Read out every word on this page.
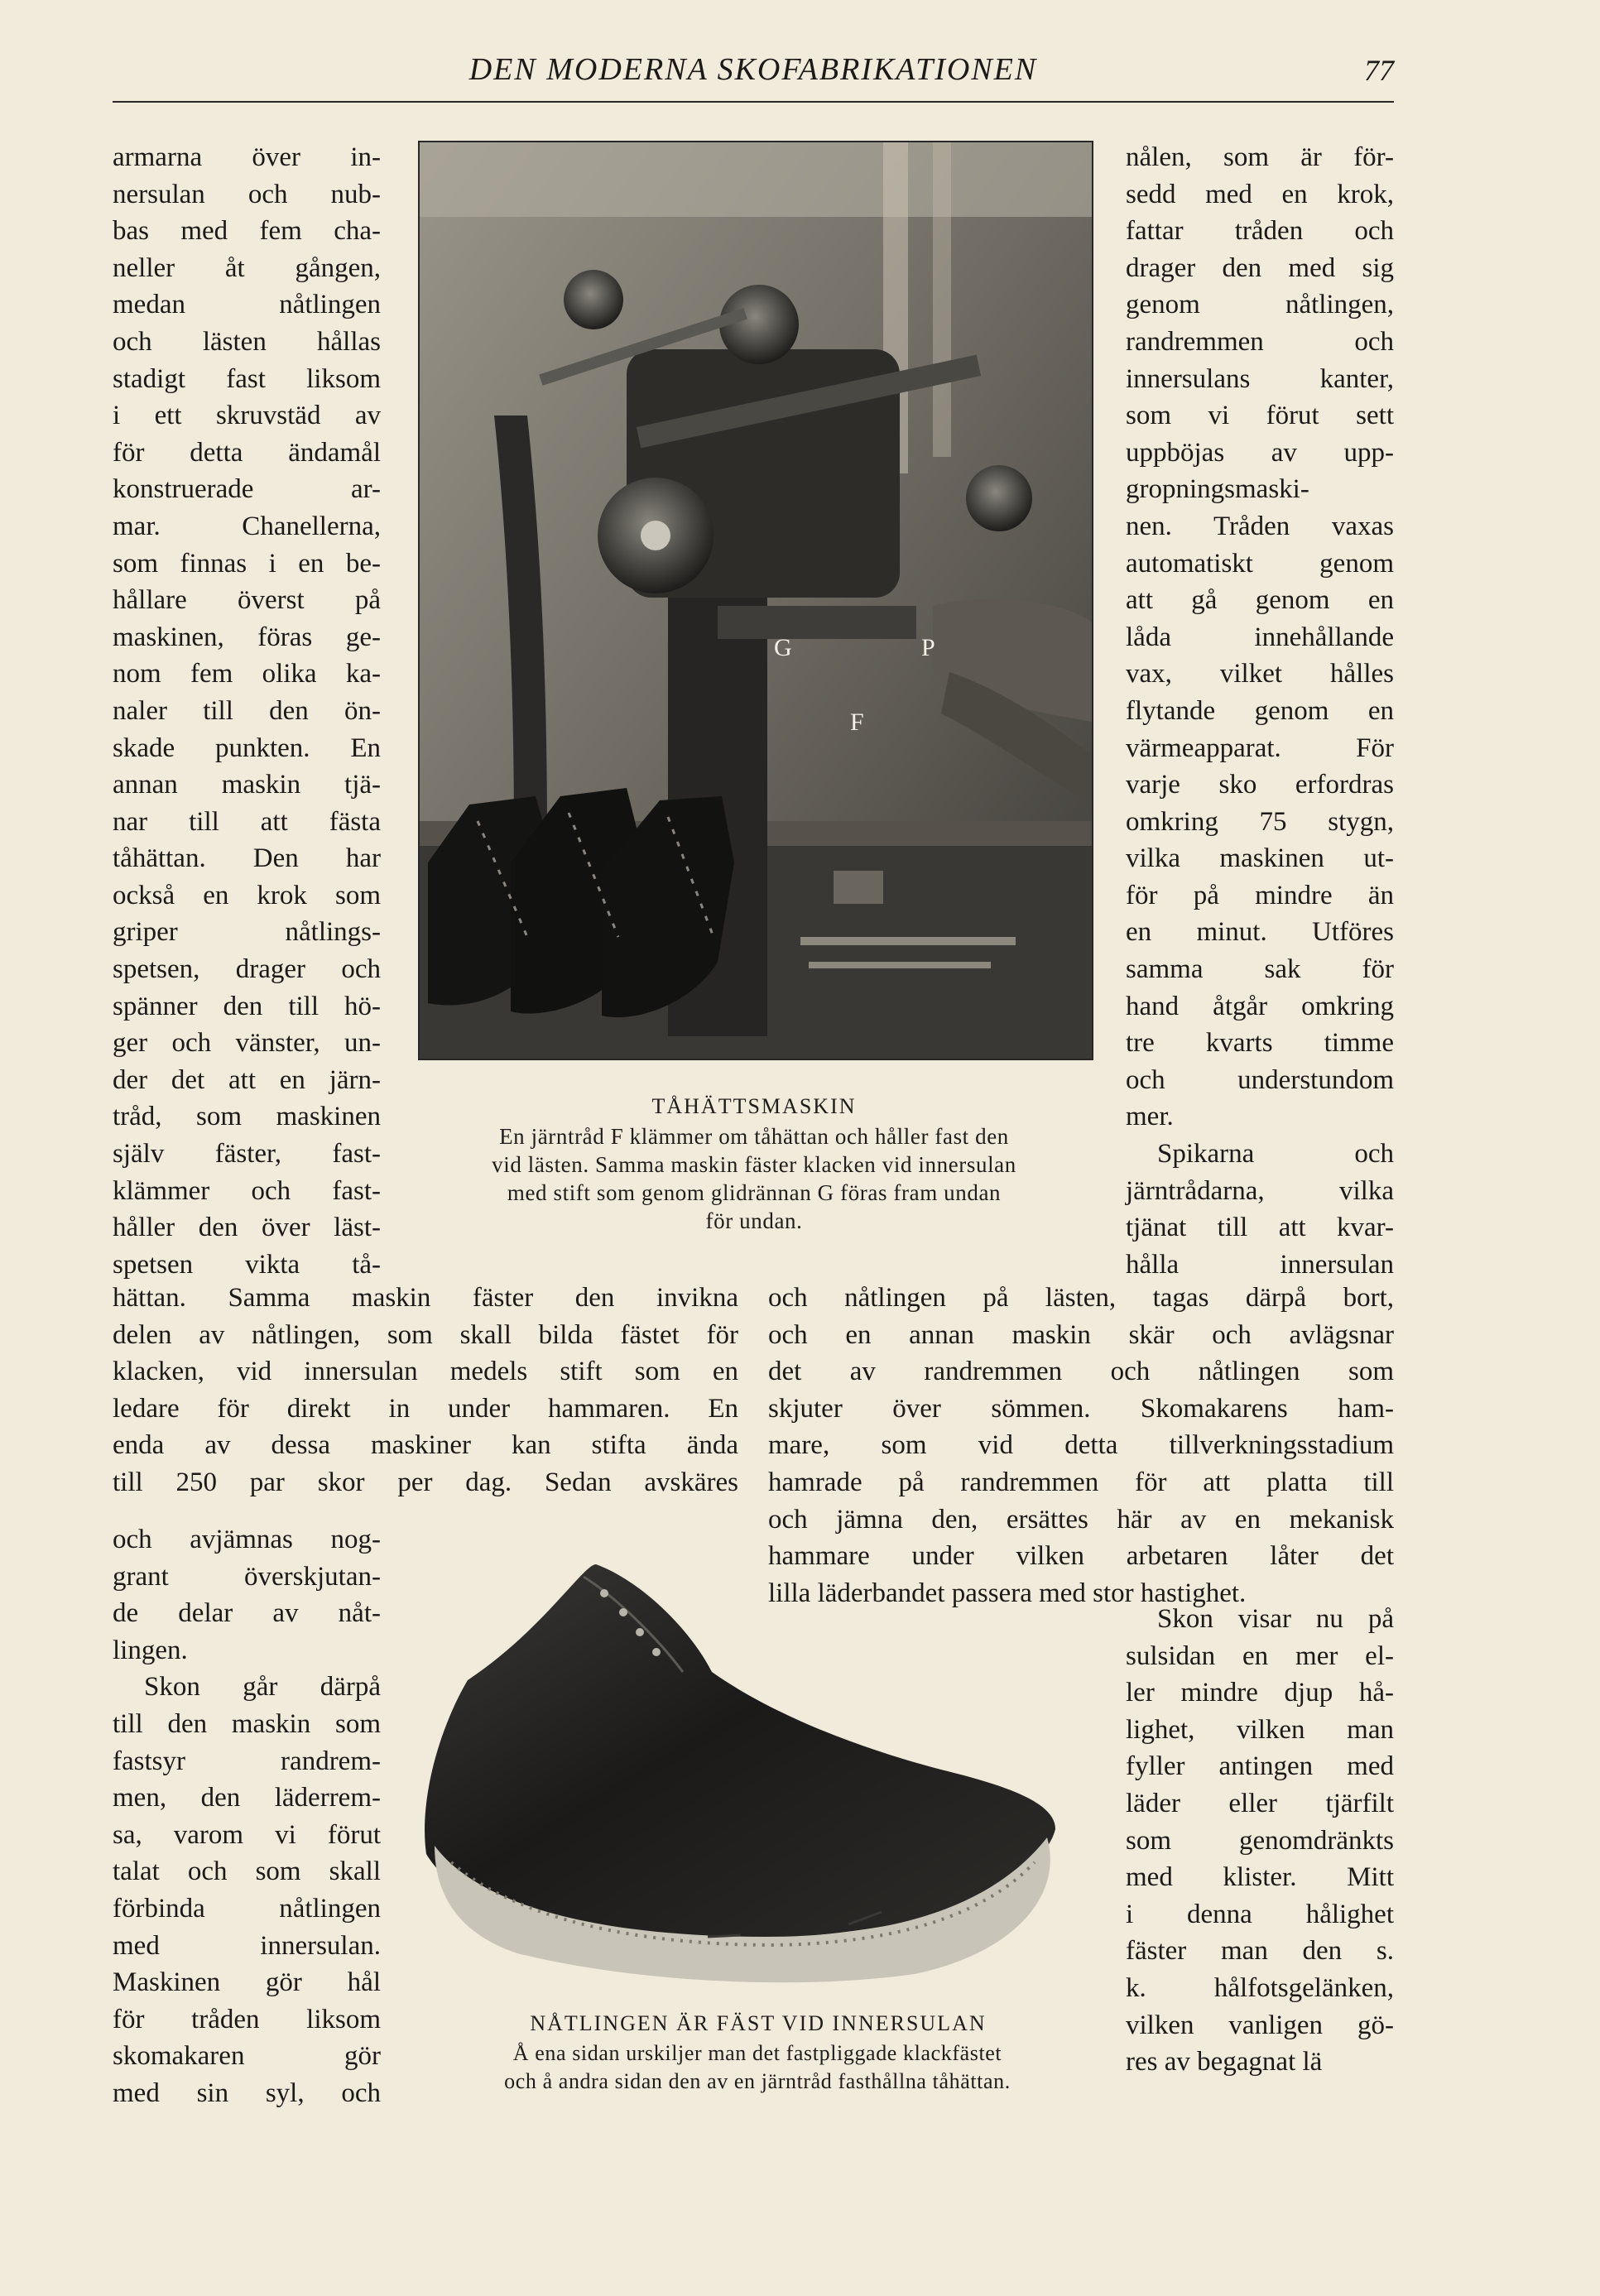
DEN MODERNA SKOFABRIKATIONEN	77

armarna över in-

nersulan och nub-

bas med fem cha-

neller åt gången,

medan nåtlingen

och lästen hållas

stadigt fast liksom

i ett skruvstäd av

för detta ändamål

konstruerade ar-

mar. Chanellerna,

som finnas i en be-

hållare överst på

maskinen, föras ge-

nom fem olika ka-

naler till den ön-

skade punkten. En

annan maskin tjä-

nar till att fästa

tåhättan. Den har

också en krok som

griper nåtlings-

spetsen, drager och

spänner den till hö-

ger och vänster, un-

der det att en järn-

tråd, som maskinen

själv fäster, fast-

klämmer och fast-

håller den över läst-

spetsen vikta tå-

G
F
P
TÅHÄTTSMASKIN
En järntråd F klämmer om tåhättan och håller fast den
vid lästen. Samma maskin fäster klacken vid innersulan
med stift som genom glidrännan G föras fram undan
för undan.

nålen, som är för-

sedd med en krok,

fattar tråden och

drager den med sig

genom nåtlingen,

randremmen och

innersulans kanter,

som vi förut sett

uppböjas av upp-

gropningsmaski-

nen. Tråden vaxas

automatiskt genom

att gå genom en

låda innehållande

vax, vilket hålles

flytande genom en

värmeapparat. För

varje sko erfordras

omkring 75 stygn,

vilka maskinen ut-

för på mindre än

en minut. Utföres

samma sak för

hand åtgår omkring

tre kvarts timme

och understundom

mer.

Spikarna och

järntrådarna, vilka

tjänat till att kvar-

hålla innersulan

hättan. Samma maskin fäster den invikna

delen av nåtlingen, som skall bilda fästet för

klacken, vid innersulan medels stift som en

ledare för direkt in under hammaren. En

enda av dessa maskiner kan stifta ända

till 250 par skor per dag. Sedan avskäres

och nåtlingen på lästen, tagas därpå bort,

och en annan maskin skär och avlägsnar

det av randremmen och nåtlingen som

skjuter över sömmen. Skomakarens ham-

mare, som vid detta tillverkningsstadium

hamrade på randremmen för att platta till

och jämna den, ersättes här av en mekanisk

hammare under vilken arbetaren låter det

lilla läderbandet passera med stor hastighet.

och avjämnas nog-

grant överskjutan-

de delar av nåt-

lingen.

Skon går därpå

till den maskin som

fastsyr randrem-

men, den läderrem-

sa, varom vi förut

talat och som skall

förbinda nåtlingen

med innersulan.

Maskinen gör hål

för tråden liksom

skomakaren gör

med sin syl, och

NÅTLINGEN ÄR FÄST VID INNERSULAN
Å ena sidan urskiljer man det fastpliggade klackfästet
och å andra sidan den av en järntråd fasthållna tåhättan.

Skon visar nu på

sulsidan en mer el-

ler mindre djup hå-

lighet, vilken man

fyller antingen med

läder eller tjärfilt

som genomdränkts

med klister. Mitt

i denna hålighet

fäster man den s.

k. hålfotsgelänken,

vilken vanligen gö-

res av begagnat lä
